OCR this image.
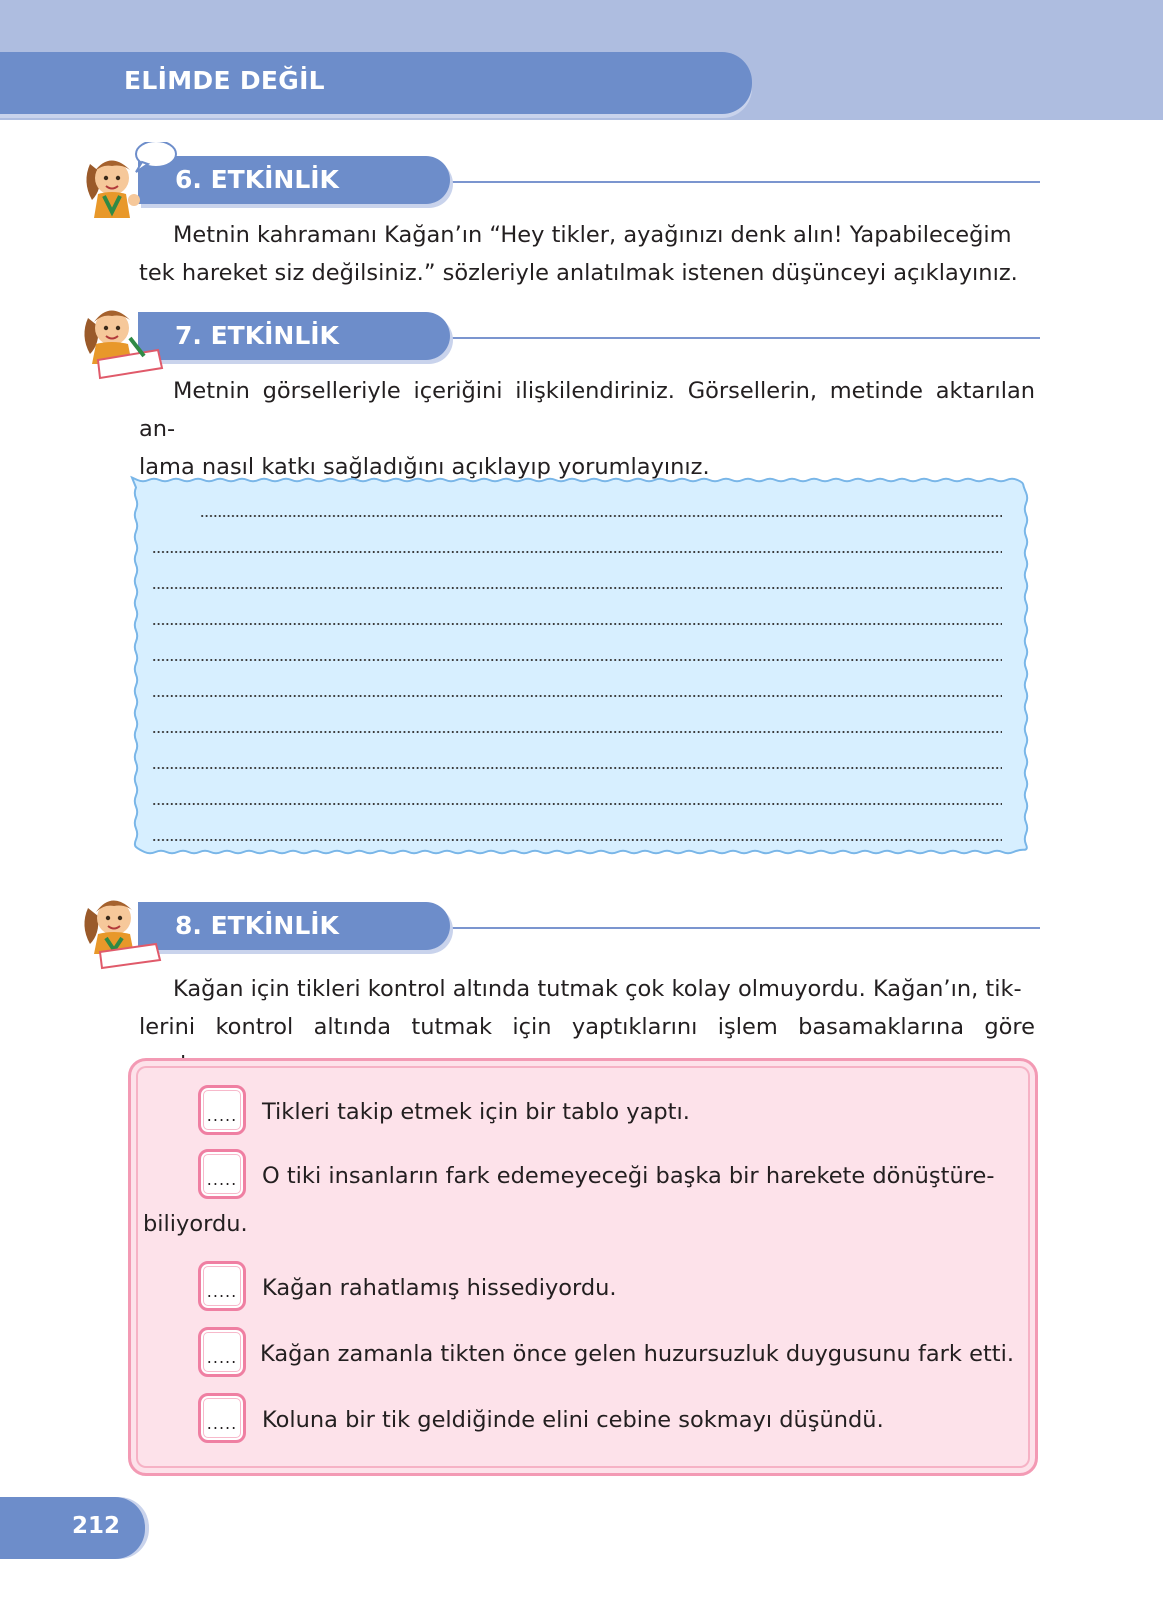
ELİMDE DEĞİL
6. ETKİNLİK
Metnin kahramanı Kağan’ın “Hey tikler, ayağınızı denk alın! Yapabileceğim
tek hareket siz değilsiniz.” sözleriyle anlatılmak istenen düşünceyi açıklayınız.
7. ETKİNLİK
Metnin görselleriyle içeriğini ilişkilendiriniz. Görsellerin, metinde aktarılan an-
lama nasıl katkı sağladığını açıklayıp yorumlayınız.
8. ETKİNLİK
Kağan için tikleri kontrol altında tutmak çok kolay olmuyordu. Kağan’ın, tik-
lerini kontrol altında tutmak için yaptıklarını işlem basamaklarına göre
.....	Tikleri takip etmek için bir tablo yaptı.
.....	O tiki insanların fark edemeyeceği başka bir harekete dönüştüre-
biliyordu.
.....	Kağan rahatlamış hissediyordu.
.....	Kağan zamanla tikten önce gelen huzursuzluk duygusunu fark etti.
.....	Koluna bir tik geldiğinde elini cebine sokmayı düşündü.
212
